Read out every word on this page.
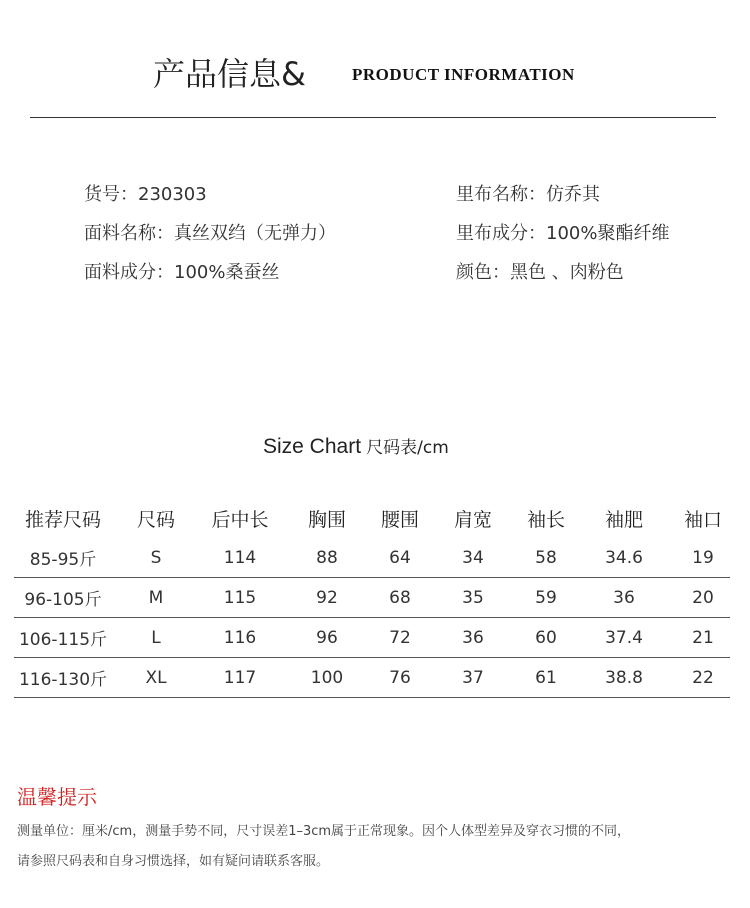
产品信息&	PRODUCT INFORMATION
货号：230303
面料名称：真丝双绉（无弹力）
面料成分：100%桑蚕丝
里布名称：仿乔其
里布成分：100%聚酯纤维
颜色：黑色 、肉粉色
Size Chart 尺码表/cm
推荐尺码	尺码	后中长	胸围	腰围	肩宽	袖长	袖肥	袖口
85-95斤	S	114	88	64	34	58	34.6	19
96-105斤	M	115	92	68	35	59	36	20
106-115斤	L	116	96	72	36	60	37.4	21
116-130斤	XL	117	100	76	37	61	38.8	22
温馨提示
测量单位：厘米/cm，测量手势不同，尺寸误差1–3cm属于正常现象。因个人体型差异及穿衣习惯的不同，
请参照尺码表和自身习惯选择，如有疑问请联系客服。
